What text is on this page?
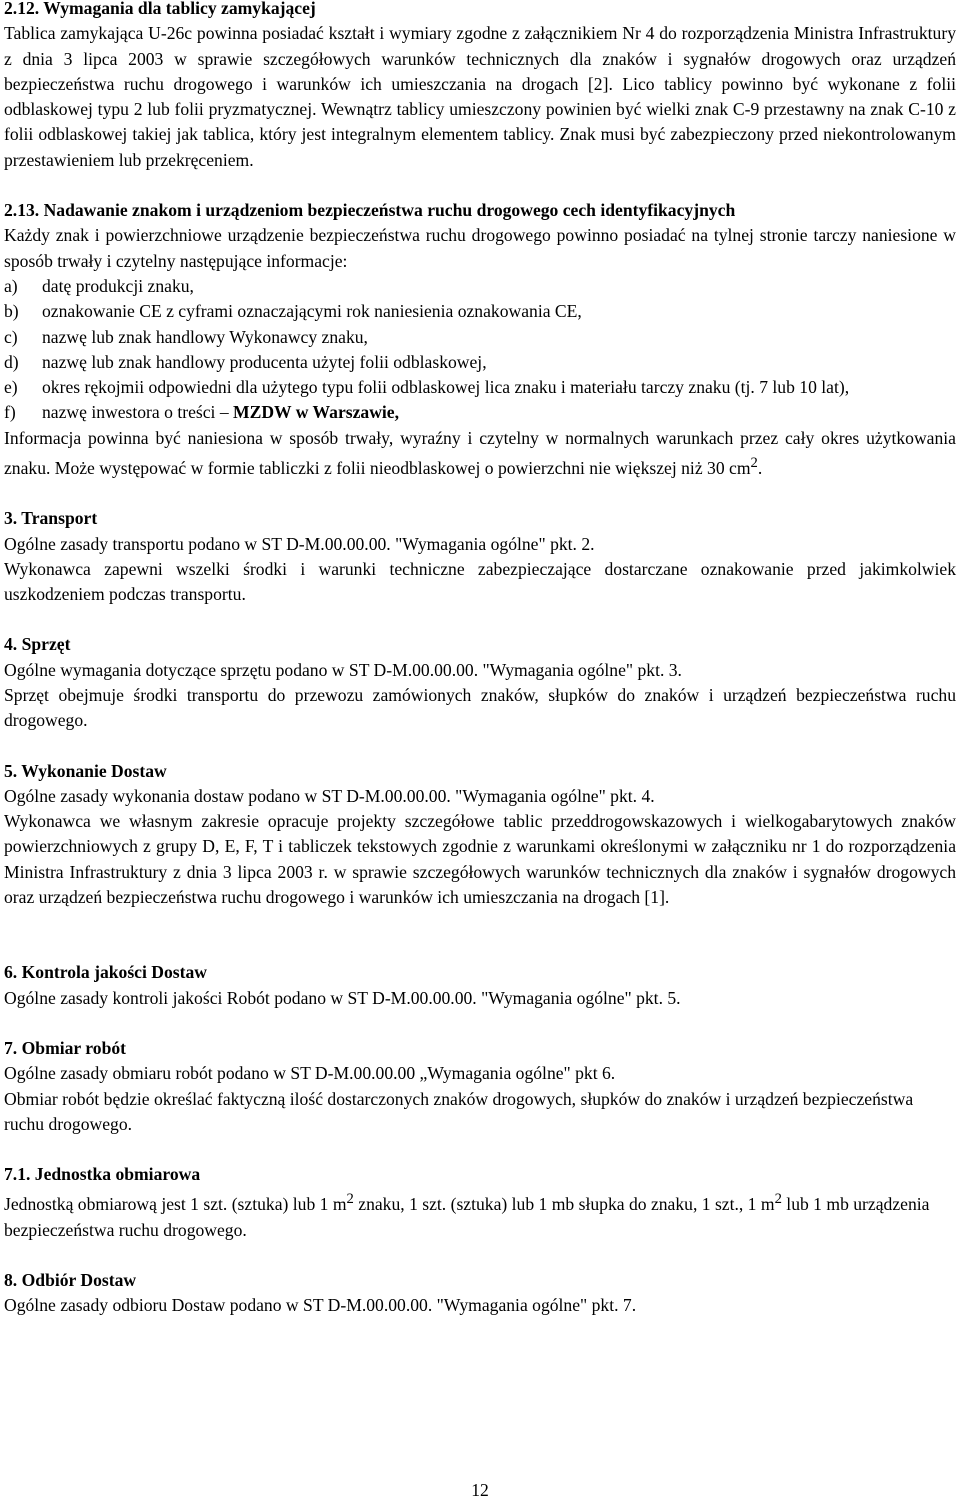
2.12. Wymagania dla tablicy zamykającej

Tablica zamykająca U-26c powinna posiadać kształt i wymiary zgodne z załącznikiem Nr 4 do rozporządzenia Ministra Infrastruktury z dnia 3 lipca 2003 w sprawie szczegółowych warunków technicznych dla znaków i sygnałów drogowych oraz urządzeń bezpieczeństwa ruchu drogowego i warunków ich umieszczania na drogach [2]. Lico tablicy powinno być wykonane z folii odblaskowej typu 2 lub folii pryzmatycznej. Wewnątrz tablicy umieszczony powinien być wielki znak C-9 przestawny na znak C-10 z folii odblaskowej takiej jak tablica, który jest integralnym elementem tablicy. Znak musi być zabezpieczony przed niekontrolowanym przestawieniem lub przekręceniem.

2.13. Nadawanie znakom i urządzeniom bezpieczeństwa ruchu drogowego cech identyfikacyjnych

Każdy znak i powierzchniowe urządzenie bezpieczeństwa ruchu drogowego powinno posiadać na tylnej stronie tarczy naniesione w sposób trwały i czytelny następujące informacje:

a) datę produkcji znaku,

b) oznakowanie CE z cyframi oznaczającymi rok naniesienia oznakowania CE,

c) nazwę lub znak handlowy Wykonawcy znaku,

d) nazwę lub znak handlowy producenta użytej folii odblaskowej,

e) okres rękojmii odpowiedni dla użytego typu folii odblaskowej lica znaku i materiału tarczy znaku (tj. 7 lub 10 lat),

f) nazwę inwestora o treści – MZDW w Warszawie,

Informacja powinna być naniesiona w sposób trwały, wyraźny i czytelny w normalnych warunkach przez cały okres użytkowania znaku. Może występować w formie tabliczki z folii nieodblaskowej o powierzchni nie większej niż 30 $cm^2$.

3. Transport

Ogólne zasady transportu podano w ST D-M.00.00.00. "Wymagania ogólne" pkt. 2.

Wykonawca zapewni wszelki środki i warunki techniczne zabezpieczające dostarczane oznakowanie przed jakimkolwiek uszkodzeniem podczas transportu.

4. Sprzęt

Ogólne wymagania dotyczące sprzętu podano w ST D-M.00.00.00. "Wymagania ogólne" pkt. 3.

Sprzęt obejmuje środki transportu do przewozu zamówionych znaków, słupków do znaków i urządzeń bezpieczeństwa ruchu drogowego.

5. Wykonanie Dostaw

Ogólne zasady wykonania dostaw podano w ST D-M.00.00.00. "Wymagania ogólne" pkt. 4.

Wykonawca we własnym zakresie opracuje projekty szczegółowe tablic przeddrogowskazowych i wielkogabarytowych znaków powierzchniowych z grupy D, E, F, T i tabliczek tekstowych zgodnie z warunkami określonymi w załączniku nr 1 do rozporządzenia Ministra Infrastruktury z dnia 3 lipca 2003 r. w sprawie szczegółowych warunków technicznych dla znaków i sygnałów drogowych oraz urządzeń bezpieczeństwa ruchu drogowego i warunków ich umieszczania na drogach [1].

6. Kontrola jakości Dostaw

Ogólne zasady kontroli jakości Robót podano w ST D-M.00.00.00. "Wymagania ogólne" pkt. 5.

7. Obmiar robót

Ogólne zasady obmiaru robót podano w ST D-M.00.00.00 „Wymagania ogólne" pkt 6.

Obmiar robót będzie określać faktyczną ilość dostarczonych znaków drogowych, słupków do znaków i urządzeń bezpieczeństwa ruchu drogowego.

7.1. Jednostka obmiarowa

Jednostką obmiarową jest 1 szt. (sztuka) lub 1 $m^2$ znaku, 1 szt. (sztuka) lub 1 mb słupka do znaku, 1 szt., 1 $m^2$ lub 1 mb urządzenia bezpieczeństwa ruchu drogowego.

8. Odbiór Dostaw

Ogólne zasady odbioru Dostaw podano w ST D-M.00.00.00. "Wymagania ogólne" pkt. 7.

12
